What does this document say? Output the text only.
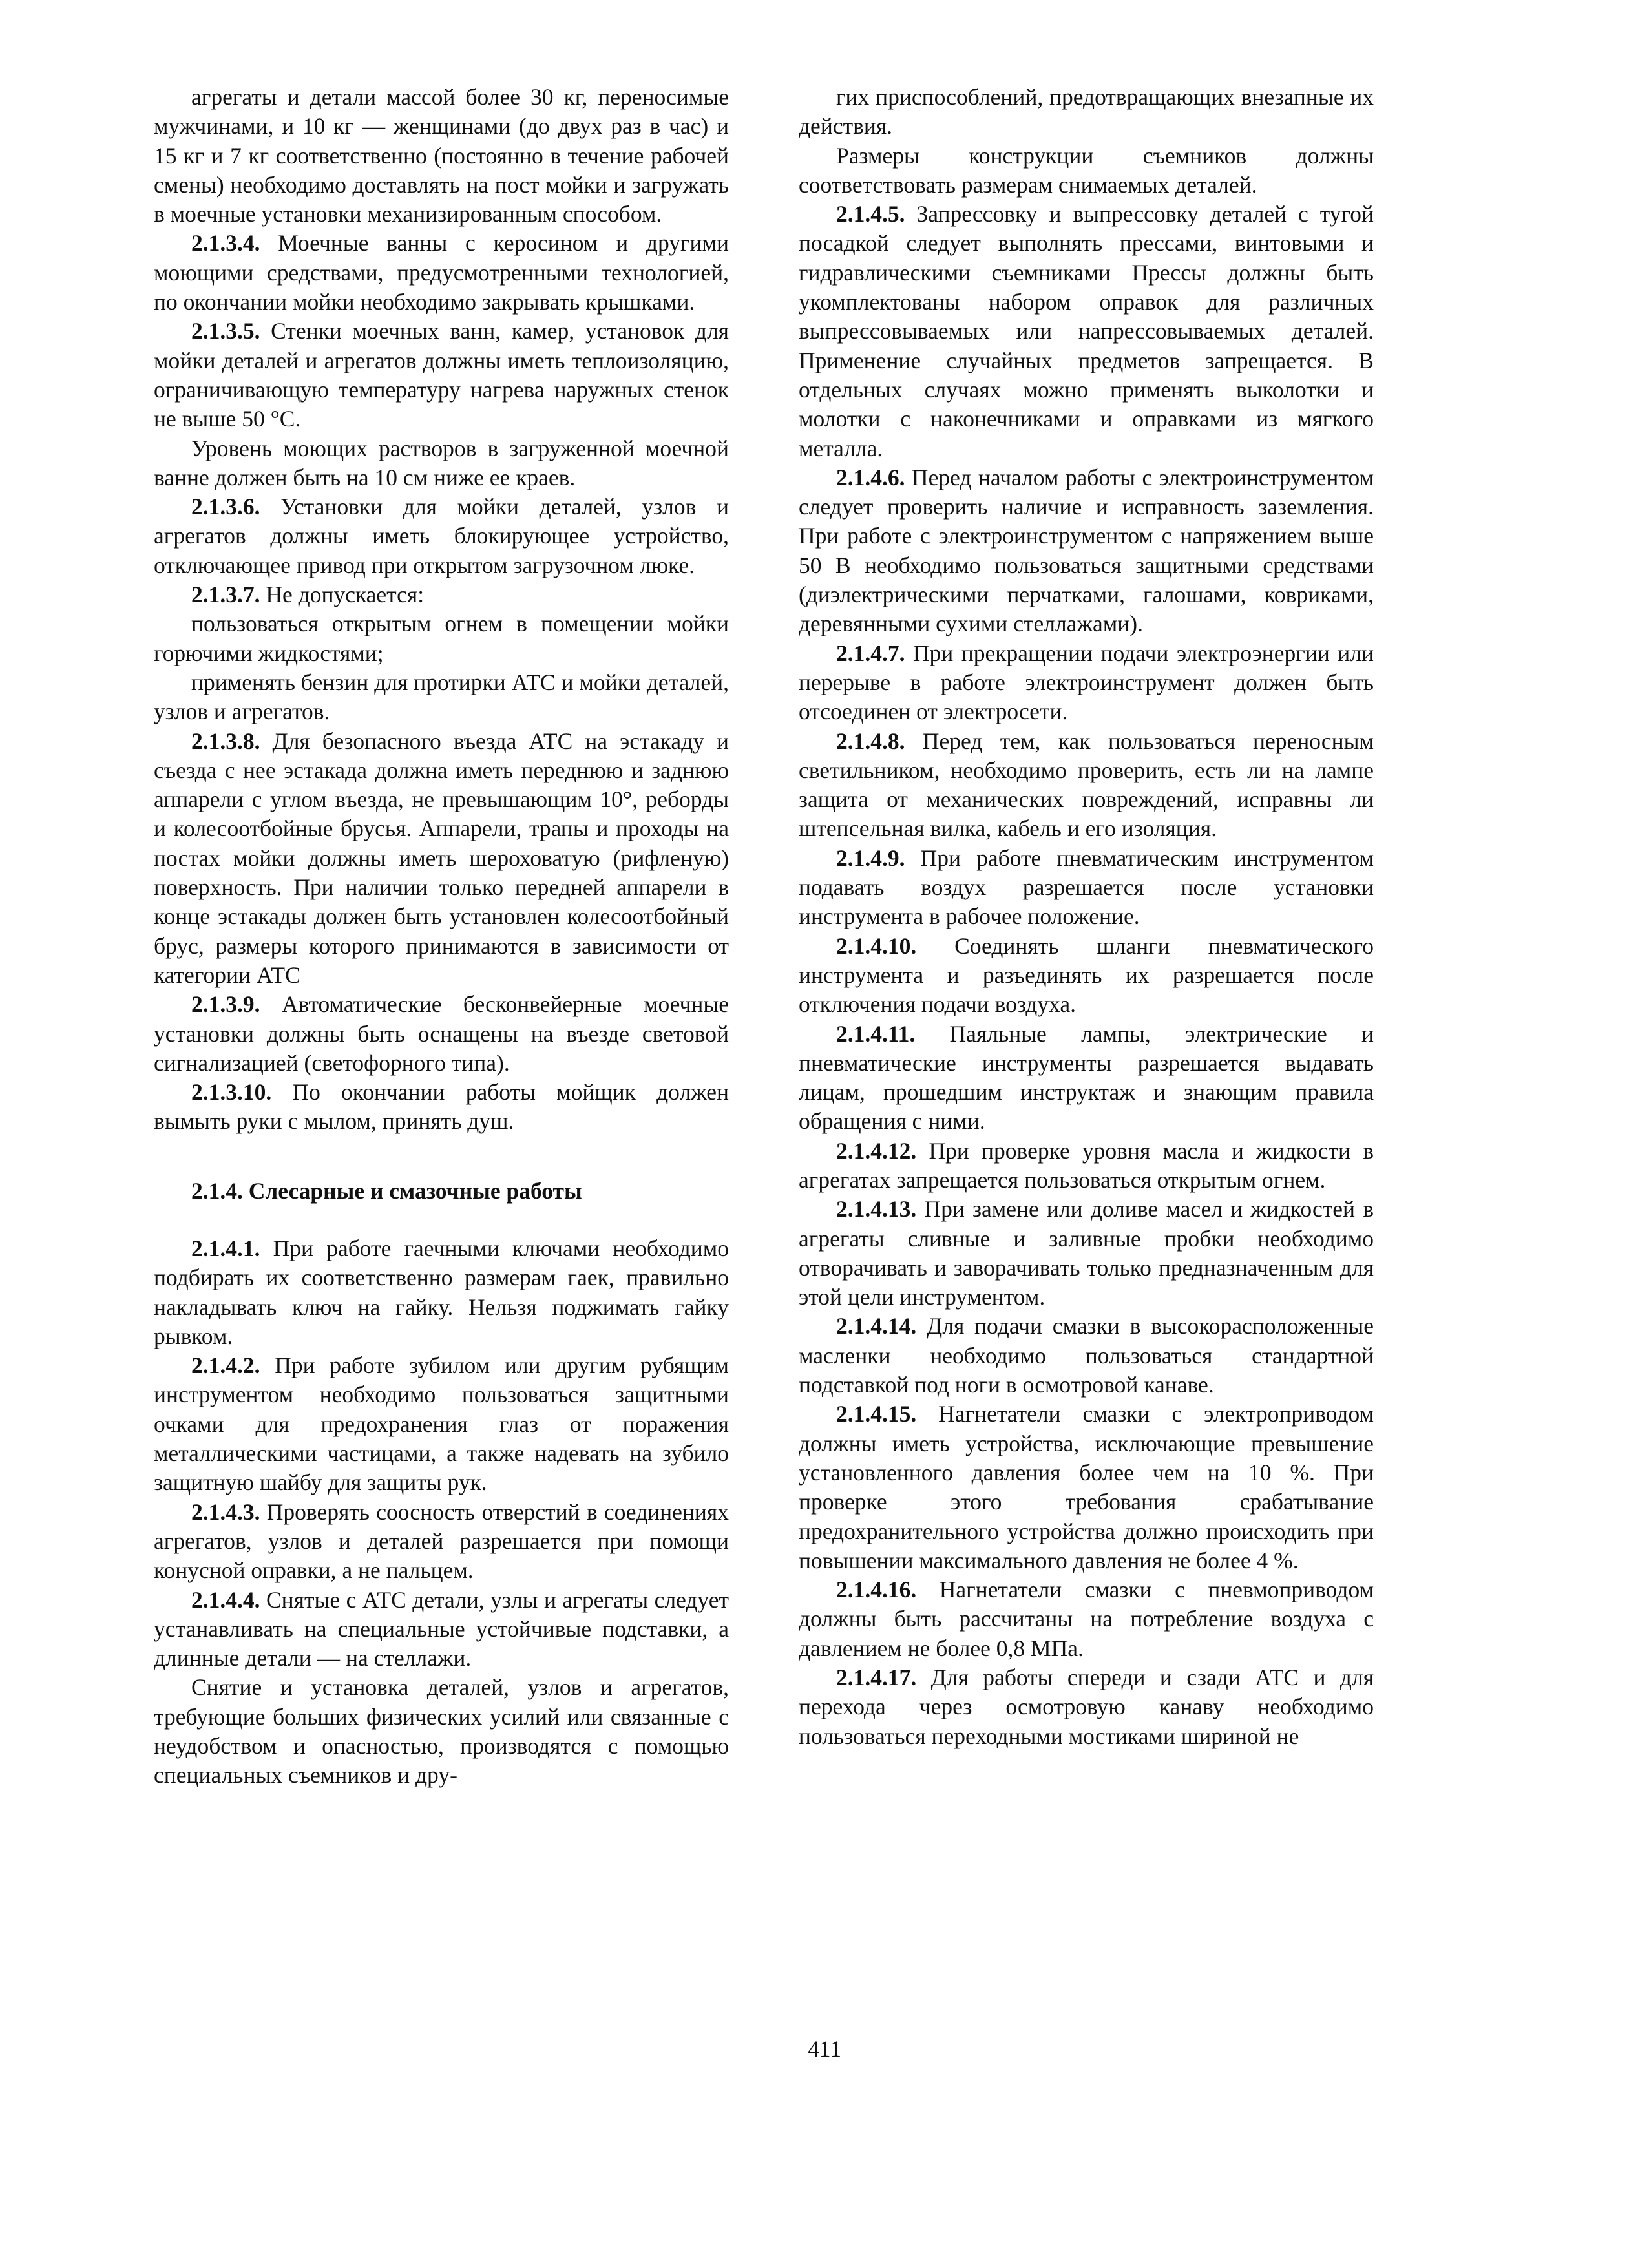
агрегаты и детали массой более 30 кг, переносимые мужчинами, и 10 кг — женщинами (до двух раз в час) и 15 кг и 7 кг соответственно (постоянно в течение рабочей смены) необходимо доставлять на пост мойки и загружать в моечные установки механизированным способом.

2.1.3.4. Моечные ванны с керосином и другими моющими средствами, предусмотренными технологией, по окончании мойки необходимо закрывать крышками.

2.1.3.5. Стенки моечных ванн, камер, установок для мойки деталей и агрегатов должны иметь теплоизоляцию, ограничивающую температуру нагрева наружных стенок не выше 50 °С.

Уровень моющих растворов в загруженной моечной ванне должен быть на 10 см ниже ее краев.

2.1.3.6. Установки для мойки деталей, узлов и агрегатов должны иметь блокирующее устройство, отключающее привод при открытом загрузочном люке.

2.1.3.7. Не допускается:

пользоваться открытым огнем в помещении мойки горючими жидкостями;

применять бензин для протирки АТС и мойки деталей, узлов и агрегатов.

2.1.3.8. Для безопасного въезда АТС на эстакаду и съезда с нее эстакада должна иметь переднюю и заднюю аппарели с углом въезда, не превышающим 10°, реборды и колесоотбойные брусья. Аппарели, трапы и проходы на постах мойки должны иметь шероховатую (рифленую) поверхность. При наличии только передней аппарели в конце эстакады должен быть установлен колесоотбойный брус, размеры которого принимаются в зависимости от категории АТС

2.1.3.9. Автоматические бесконвейерные моечные установки должны быть оснащены на въезде световой сигнализацией (светофорного типа).

2.1.3.10. По окончании работы мойщик должен вымыть руки с мылом, принять душ.

2.1.4. Слесарные и смазочные работы

2.1.4.1. При работе гаечными ключами необходимо подбирать их соответственно размерам гаек, правильно накладывать ключ на гайку. Нельзя поджимать гайку рывком.

2.1.4.2. При работе зубилом или другим рубящим инструментом необходимо пользоваться защитными очками для предохранения глаз от поражения металлическими частицами, а также надевать на зубило защитную шайбу для защиты рук.

2.1.4.3. Проверять соосность отверстий в соединениях агрегатов, узлов и деталей разрешается при помощи конусной оправки, а не пальцем.

2.1.4.4. Снятые с АТС детали, узлы и агрегаты следует устанавливать на специальные устойчивые подставки, а длинные детали — на стеллажи.

Снятие и установка деталей, узлов и агрегатов, требующие больших физических усилий или связанные с неудобством и опасностью, производятся с помощью специальных съемников и дру-

гих приспособлений, предотвращающих внезапные их действия.

Размеры конструкции съемников должны соответствовать размерам снимаемых деталей.

2.1.4.5. Запрессовку и выпрессовку деталей с тугой посадкой следует выполнять прессами, винтовыми и гидравлическими съемниками Прессы должны быть укомплектованы набором оправок для различных выпрессовываемых или напрессовываемых деталей. Применение случайных предметов запрещается. В отдельных случаях можно применять выколотки и молотки с наконечниками и оправками из мягкого металла.

2.1.4.6. Перед началом работы с электроинструментом следует проверить наличие и исправность заземления. При работе с электроинструментом с напряжением выше 50 В необходимо пользоваться защитными средствами (диэлектрическими перчатками, галошами, ковриками, деревянными сухими стеллажами).

2.1.4.7. При прекращении подачи электроэнергии или перерыве в работе электроинструмент должен быть отсоединен от электросети.

2.1.4.8. Перед тем, как пользоваться переносным светильником, необходимо проверить, есть ли на лампе защита от механических повреждений, исправны ли штепсельная вилка, кабель и его изоляция.

2.1.4.9. При работе пневматическим инструментом подавать воздух разрешается после установки инструмента в рабочее положение.

2.1.4.10. Соединять шланги пневматического инструмента и разъединять их разрешается после отключения подачи воздуха.

2.1.4.11. Паяльные лампы, электрические и пневматические инструменты разрешается выдавать лицам, прошедшим инструктаж и знающим правила обращения с ними.

2.1.4.12. При проверке уровня масла и жидкости в агрегатах запрещается пользоваться открытым огнем.

2.1.4.13. При замене или доливе масел и жидкостей в агрегаты сливные и заливные пробки необходимо отворачивать и заворачивать только предназначенным для этой цели инструментом.

2.1.4.14. Для подачи смазки в высокорасположенные масленки необходимо пользоваться стандартной подставкой под ноги в осмотровой канаве.

2.1.4.15. Нагнетатели смазки с электроприводом должны иметь устройства, исключающие превышение установленного давления более чем на 10 %. При проверке этого требования срабатывание предохранительного устройства должно происходить при повышении максимального давления не более 4 %.

2.1.4.16. Нагнетатели смазки с пневмоприводом должны быть рассчитаны на потребление воздуха с давлением не более 0,8 МПа.

2.1.4.17. Для работы спереди и сзади АТС и для перехода через осмотровую канаву необходимо пользоваться переходными мостиками шириной не

411
